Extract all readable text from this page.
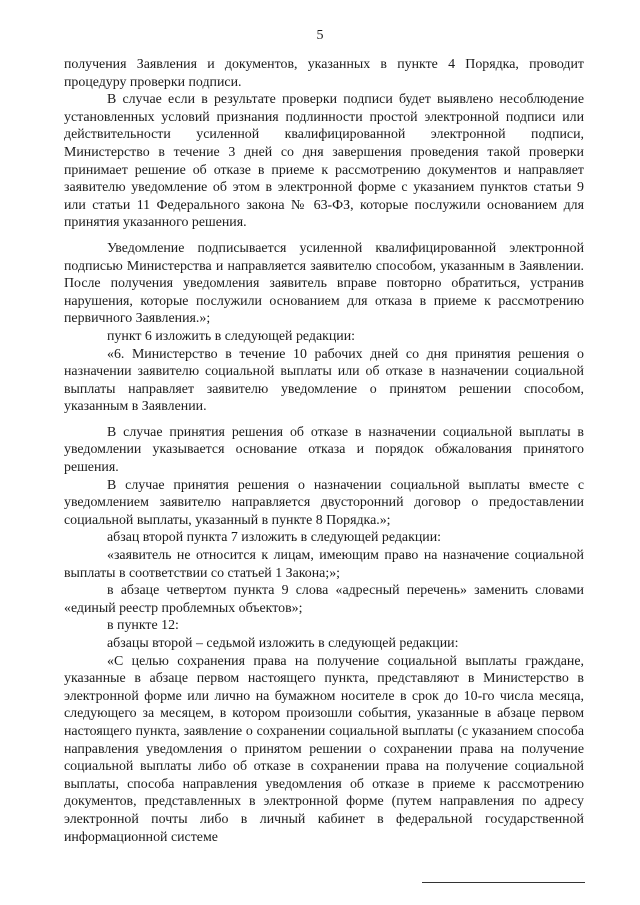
5

получения Заявления и документов, указанных в пункте 4 Порядка, проводит процедуру проверки подписи.

В случае если в результате проверки подписи будет выявлено несоблюдение установленных условий признания подлинности простой электронной подписи или действительности усиленной квалифицированной электронной подписи, Министерство в течение 3 дней со дня завершения проведения такой проверки принимает решение об отказе в приеме к рассмотрению документов и направляет заявителю уведомление об этом в электронной форме с указанием пунктов статьи 9 или статьи 11 Федерального закона № 63-ФЗ, которые послужили основанием для принятия указанного решения.

Уведомление подписывается усиленной квалифицированной электронной подписью Министерства и направляется заявителю способом, указанным в Заявлении. После получения уведомления заявитель вправе повторно обратиться, устранив нарушения, которые послужили основанием для отказа в приеме к рассмотрению первичного Заявления.»;

пункт 6 изложить в следующей редакции:

«6. Министерство в течение 10 рабочих дней со дня принятия решения о назначении заявителю социальной выплаты или об отказе в назначении социальной выплаты направляет заявителю уведомление о принятом решении способом, указанным в Заявлении.

В случае принятия решения об отказе в назначении социальной выплаты в уведомлении указывается основание отказа и порядок обжалования принятого решения.

В случае принятия решения о назначении социальной выплаты вместе с уведомлением заявителю направляется двусторонний договор о предоставлении социальной выплаты, указанный в пункте 8 Порядка.»;

абзац второй пункта 7 изложить в следующей редакции:

«заявитель не относится к лицам, имеющим право на назначение социальной выплаты в соответствии со статьей 1 Закона;»;

в абзаце четвертом пункта 9 слова «адресный перечень» заменить словами «единый реестр проблемных объектов»;

в пункте 12:

абзацы второй – седьмой изложить в следующей редакции:

«С целью сохранения права на получение социальной выплаты граждане, указанные в абзаце первом настоящего пункта, представляют в Министерство в электронной форме или лично на бумажном носителе в срок до 10-го числа месяца, следующего за месяцем, в котором произошли события, указанные в абзаце первом настоящего пункта, заявление о сохранении социальной выплаты (с указанием способа направления уведомления о принятом решении о сохранении права на получение социальной выплаты либо об отказе в сохранении права на получение социальной выплаты, способа направления уведомления об отказе в приеме к рассмотрению документов, представленных в электронной форме (путем направления по адресу электронной почты либо в личный кабинет в федеральной государственной информационной системе
